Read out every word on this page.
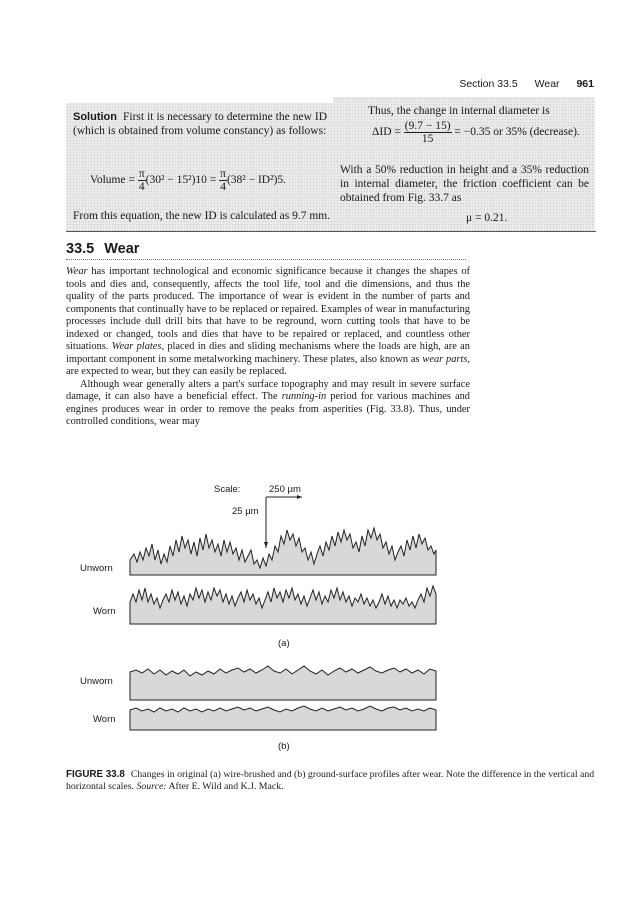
Section 33.5 Wear 961
Solution First it is necessary to determine the new ID (which is obtained from volume constancy) as follows:
Volume = $\frac{\pi}{4} (30^2 - 15^2)10 = \frac{\pi}{4} (38^2 - ID^2)5$.
From this equation, the new ID is calculated as 9.7 mm.
Thus, the change in internal diameter is
$\Delta ID = \frac{(9.7 - 15)}{15} = -0.35$ or 35% (decrease).
With a 50% reduction in height and a 35% reduction in internal diameter, the friction coefficient can be obtained from Fig. 33.7 as
μ = 0.21.
33.5 Wear

Wear has important technological and economic significance because it changes the shapes of tools and dies and, consequently, affects the tool life, tool and die dimensions, and thus the quality of the parts produced. The importance of wear is evident in the number of parts and components that continually have to be replaced or repaired. Examples of wear in manufacturing processes include dull drill bits that have to be reground, worn cutting tools that have to be indexed or changed, tools and dies that have to be repaired or replaced, and countless other situations. Wear plates, placed in dies and sliding mechanisms where the loads are high, are an important component in some metalworking machinery. These plates, also known as wear parts, are expected to wear, but they can easily be replaced.

Although wear generally alters a part's surface topography and may result in severe surface damage, it can also have a beneficial effect. The running-in period for various machines and engines produces wear in order to remove the peaks from asperities (Fig. 33.8). Thus, under controlled conditions, wear may

Scale:	250 μm
25 μm
Unworn
Worn
(a)
Unworn
Worn
(b)
FIGURE 33.8 Changes in original (a) wire-brushed and (b) ground-surface profiles after wear. Note the difference in the vertical and horizontal scales. Source: After E. Wild and K.J. Mack.
